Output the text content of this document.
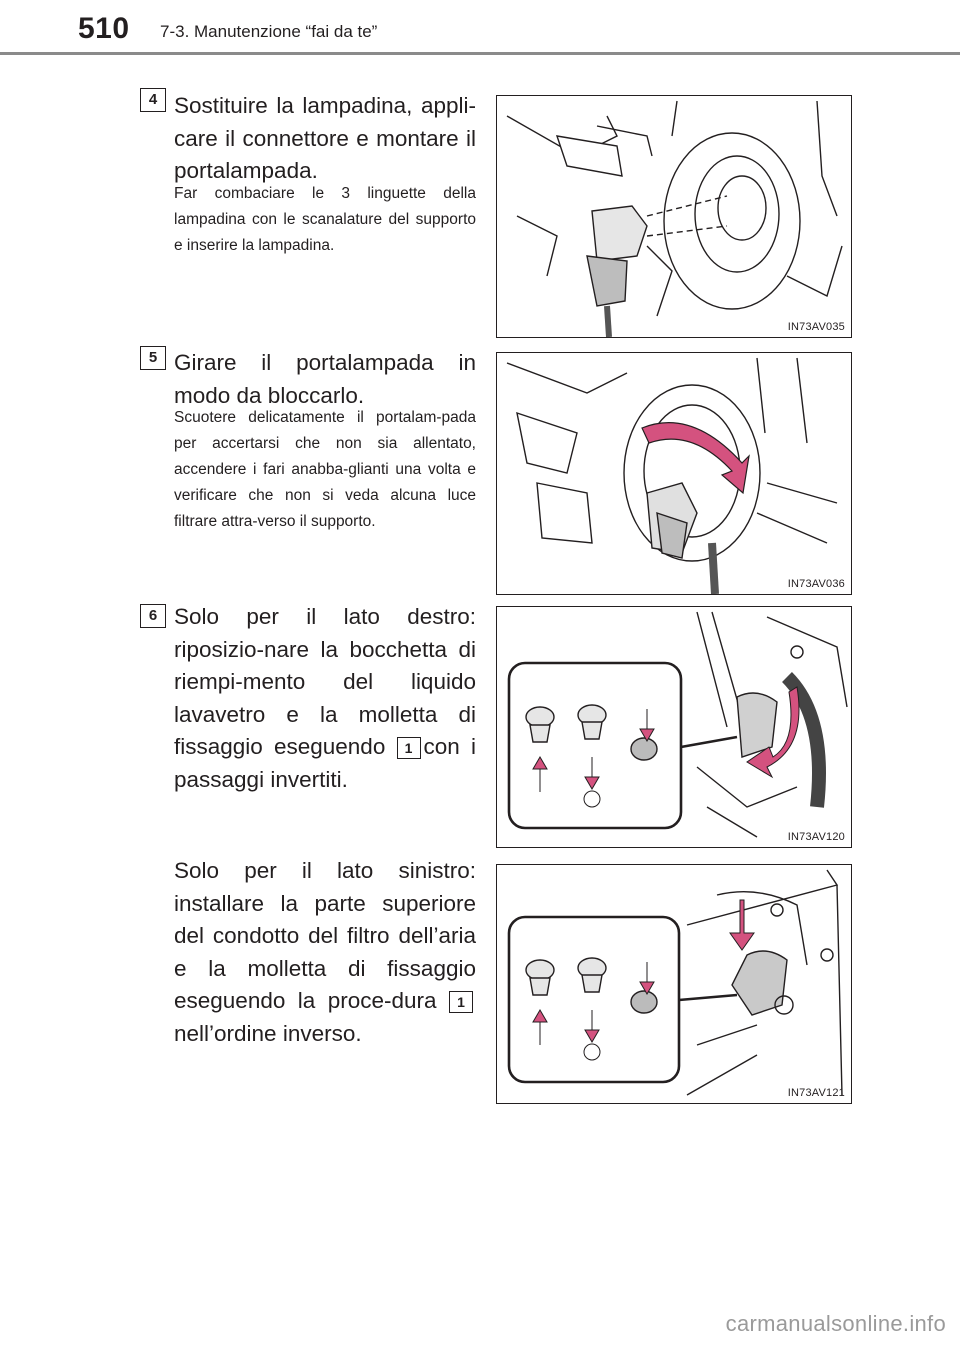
510 7-3. Manutenzione “fai da te”
4 Sostituire la lampadina, appli-care il connettore e montare il portalampada.
Far combaciare le 3 linguette della lampadina con le scanalature del supporto e inserire la lampadina.
IN73AV035
5 Girare il portalampada in modo da bloccarlo.
Scuotere delicatamente il portalam-pada per accertarsi che non sia allentato, accendere i fari anabba-glianti una volta e verificare che non si veda alcuna luce filtrare attra-verso il supporto.
IN73AV036
6 Solo per il lato destro: riposizio-nare la bocchetta di riempi-mento del liquido lavavetro e la molletta di fissaggio eseguendo 1 con i passaggi invertiti.
IN73AV120
Solo per il lato sinistro: installare la parte superiore del condotto del filtro dell’aria e la molletta di fissaggio eseguendo la proce-dura 1nell’ordine inverso.
IN73AV121
carmanualsonline.info
